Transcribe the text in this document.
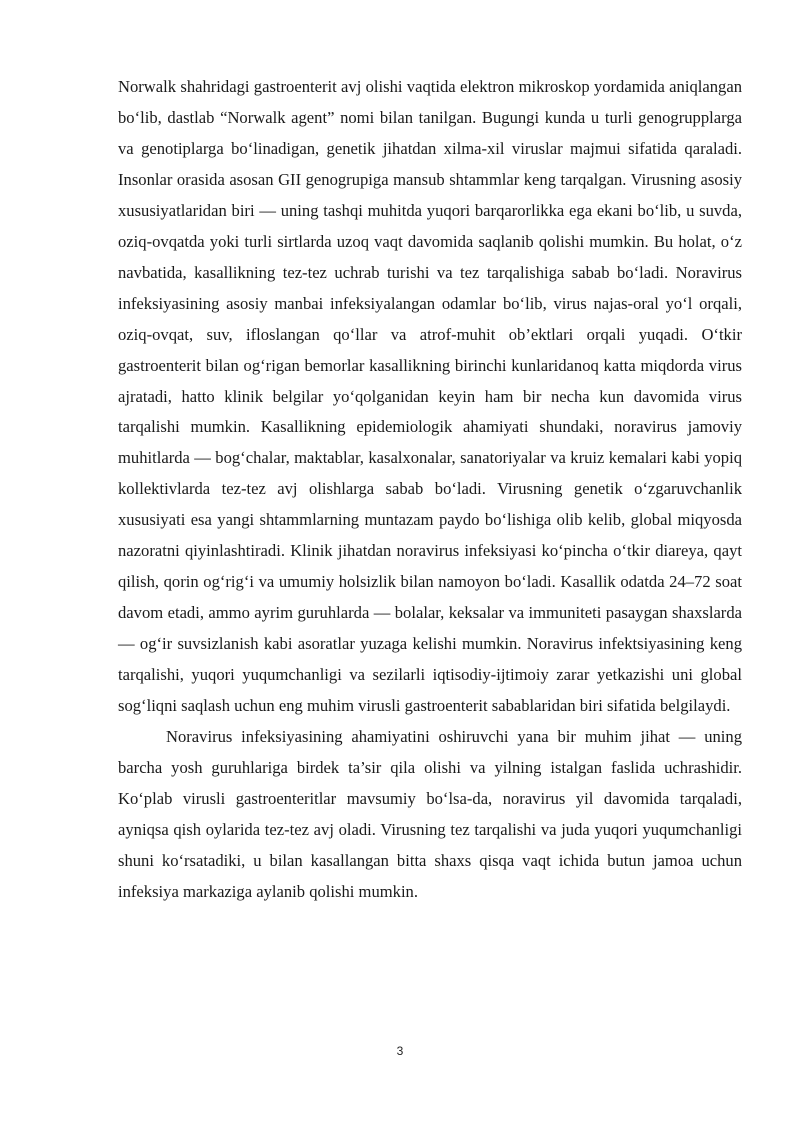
Norwalk shahridagi gastroenterit avj olishi vaqtida elektron mikroskop yordamida aniqlangan bo‘lib, dastlab “Norwalk agent” nomi bilan tanilgan. Bugungi kunda u turli genogrupplarga va genotiplarga bo‘linadigan, genetik jihatdan xilma-xil viruslar majmui sifatida qaraladi. Insonlar orasida asosan GII genogrupiga mansub shtammlar keng tarqalgan. Virusning asosiy xususiyatlaridan biri — uning tashqi muhitda yuqori barqarorlikka ega ekani bo‘lib, u suvda, oziq-ovqatda yoki turli sirtlarda uzoq vaqt davomida saqlanib qolishi mumkin. Bu holat, o‘z navbatida, kasallikning tez-tez uchrab turishi va tez tarqalishiga sabab bo‘ladi. Noravirus infeksiyasining asosiy manbai infeksiyalangan odamlar bo‘lib, virus najas-oral yo‘l orqali, oziq-ovqat, suv, ifloslangan qo‘llar va atrof-muhit ob’ektlari orqali yuqadi. O‘tkir gastroenterit bilan og‘rigan bemorlar kasallikning birinchi kunlaridanoq katta miqdorda virus ajratadi, hatto klinik belgilar yo‘qolganidan keyin ham bir necha kun davomida virus tarqalishi mumkin. Kasallikning epidemiologik ahamiyati shundaki, noravirus jamoviy muhitlarda — bog‘chalar, maktablar, kasalxonalar, sanatoriyalar va kruiz kemalari kabi yopiq kollektivlarda tez-tez avj olishlarga sabab bo‘ladi. Virusning genetik o‘zgaruvchanlik xususiyati esa yangi shtammlarning muntazam paydo bo‘lishiga olib kelib, global miqyosda nazoratni qiyinlashtiradi. Klinik jihatdan noravirus infeksiyasi ko‘pincha o‘tkir diareya, qayt qilish, qorin og‘rig‘i va umumiy holsizlik bilan namoyon bo‘ladi. Kasallik odatda 24–72 soat davom etadi, ammo ayrim guruhlarda — bolalar, keksalar va immuniteti pasaygan shaxslarda — og‘ir suvsizlanish kabi asoratlar yuzaga kelishi mumkin. Noravirus infektsiyasining keng tarqalishi, yuqori yuqumchanligi va sezilarli iqtisodiy-ijtimoiy zarar yetkazishi uni global sog‘liqni saqlash uchun eng muhim virusli gastroenterit sabablaridan biri sifatida belgilaydi.

Noravirus infeksiyasining ahamiyatini oshiruvchi yana bir muhim jihat — uning barcha yosh guruhlariga birdek ta’sir qila olishi va yilning istalgan faslida uchrashidir. Ko‘plab virusli gastroenteritlar mavsumiy bo‘lsa-da, noravirus yil davomida tarqaladi, ayniqsa qish oylarida tez-tez avj oladi. Virusning tez tarqalishi va juda yuqori yuqumchanligi shuni ko‘rsatadiki, u bilan kasallangan bitta shaxs qisqa vaqt ichida butun jamoa uchun infeksiya markaziga aylanib qolishi mumkin.

3
